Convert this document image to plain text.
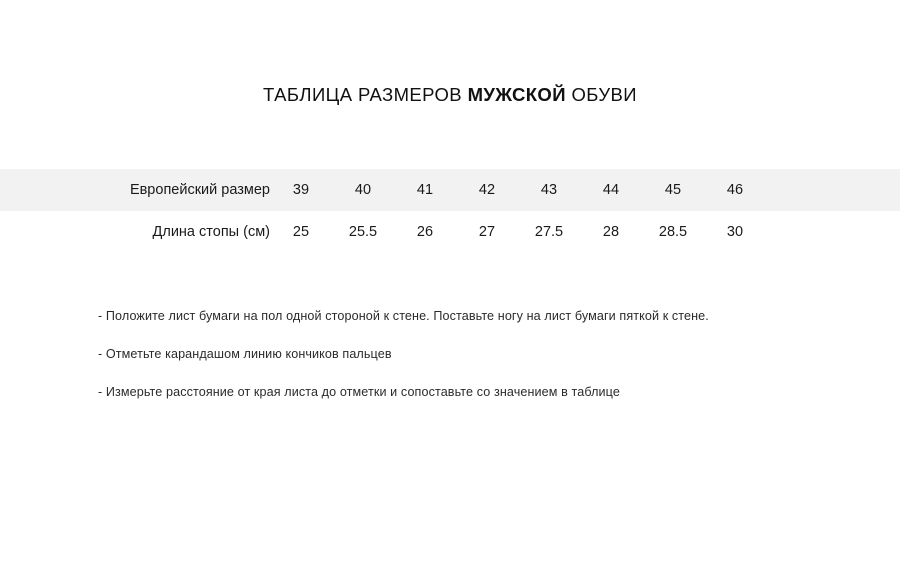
ТАБЛИЦА РАЗМЕРОВ МУЖСКОЙ ОБУВИ
Европейский размер	39	40	41	42	43	44	45	46	
Длина стопы (см)	25	25.5	26	27	27.5	28	28.5	30	
- Положите лист бумаги на пол одной стороной к стене. Поставьте ногу на лист бумаги пяткой к стене.
- Отметьте карандашом линию кончиков пальцев
- Измерьте расстояние от края листа до отметки и сопоставьте со значением в таблице
